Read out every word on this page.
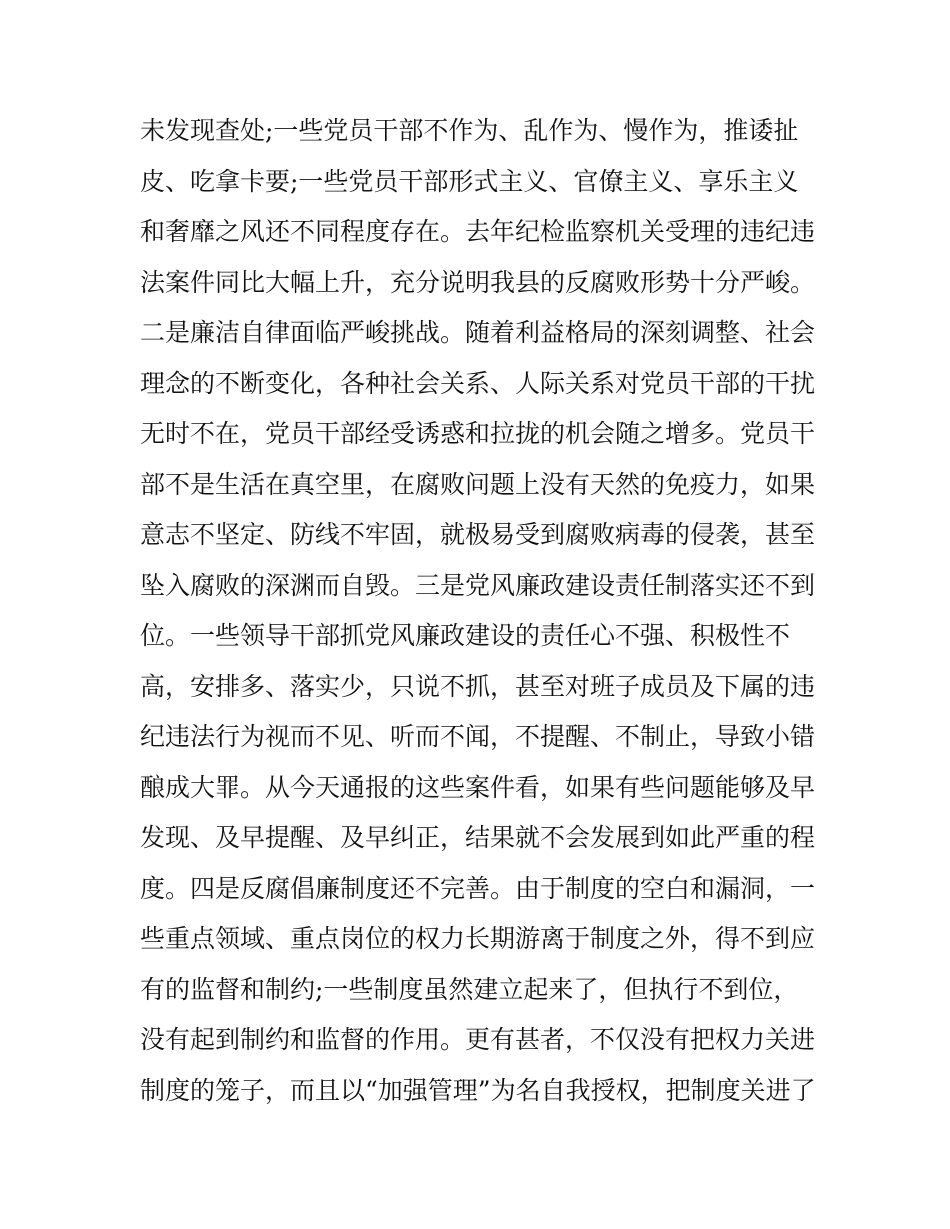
未发现查处;一些党员干部不作为、乱作为、慢作为，推诿扯
皮、吃拿卡要;一些党员干部形式主义、官僚主义、享乐主义
和奢靡之风还不同程度存在。去年纪检监察机关受理的违纪违
法案件同比大幅上升，充分说明我县的反腐败形势十分严峻。
二是廉洁自律面临严峻挑战。随着利益格局的深刻调整、社会
理念的不断变化，各种社会关系、人际关系对党员干部的干扰
无时不在，党员干部经受诱惑和拉拢的机会随之增多。党员干
部不是生活在真空里，在腐败问题上没有天然的免疫力，如果
意志不坚定、防线不牢固，就极易受到腐败病毒的侵袭，甚至
坠入腐败的深渊而自毁。三是党风廉政建设责任制落实还不到
位。一些领导干部抓党风廉政建设的责任心不强、积极性不
高，安排多、落实少，只说不抓，甚至对班子成员及下属的违
纪违法行为视而不见、听而不闻，不提醒、不制止，导致小错
酿成大罪。从今天通报的这些案件看，如果有些问题能够及早
发现、及早提醒、及早纠正，结果就不会发展到如此严重的程
度。四是反腐倡廉制度还不完善。由于制度的空白和漏洞，一
些重点领域、重点岗位的权力长期游离于制度之外，得不到应
有的监督和制约;一些制度虽然建立起来了，但执行不到位，
没有起到制约和监督的作用。更有甚者，不仅没有把权力关进
制度的笼子，而且以“加强管理”为名自我授权，把制度关进了
